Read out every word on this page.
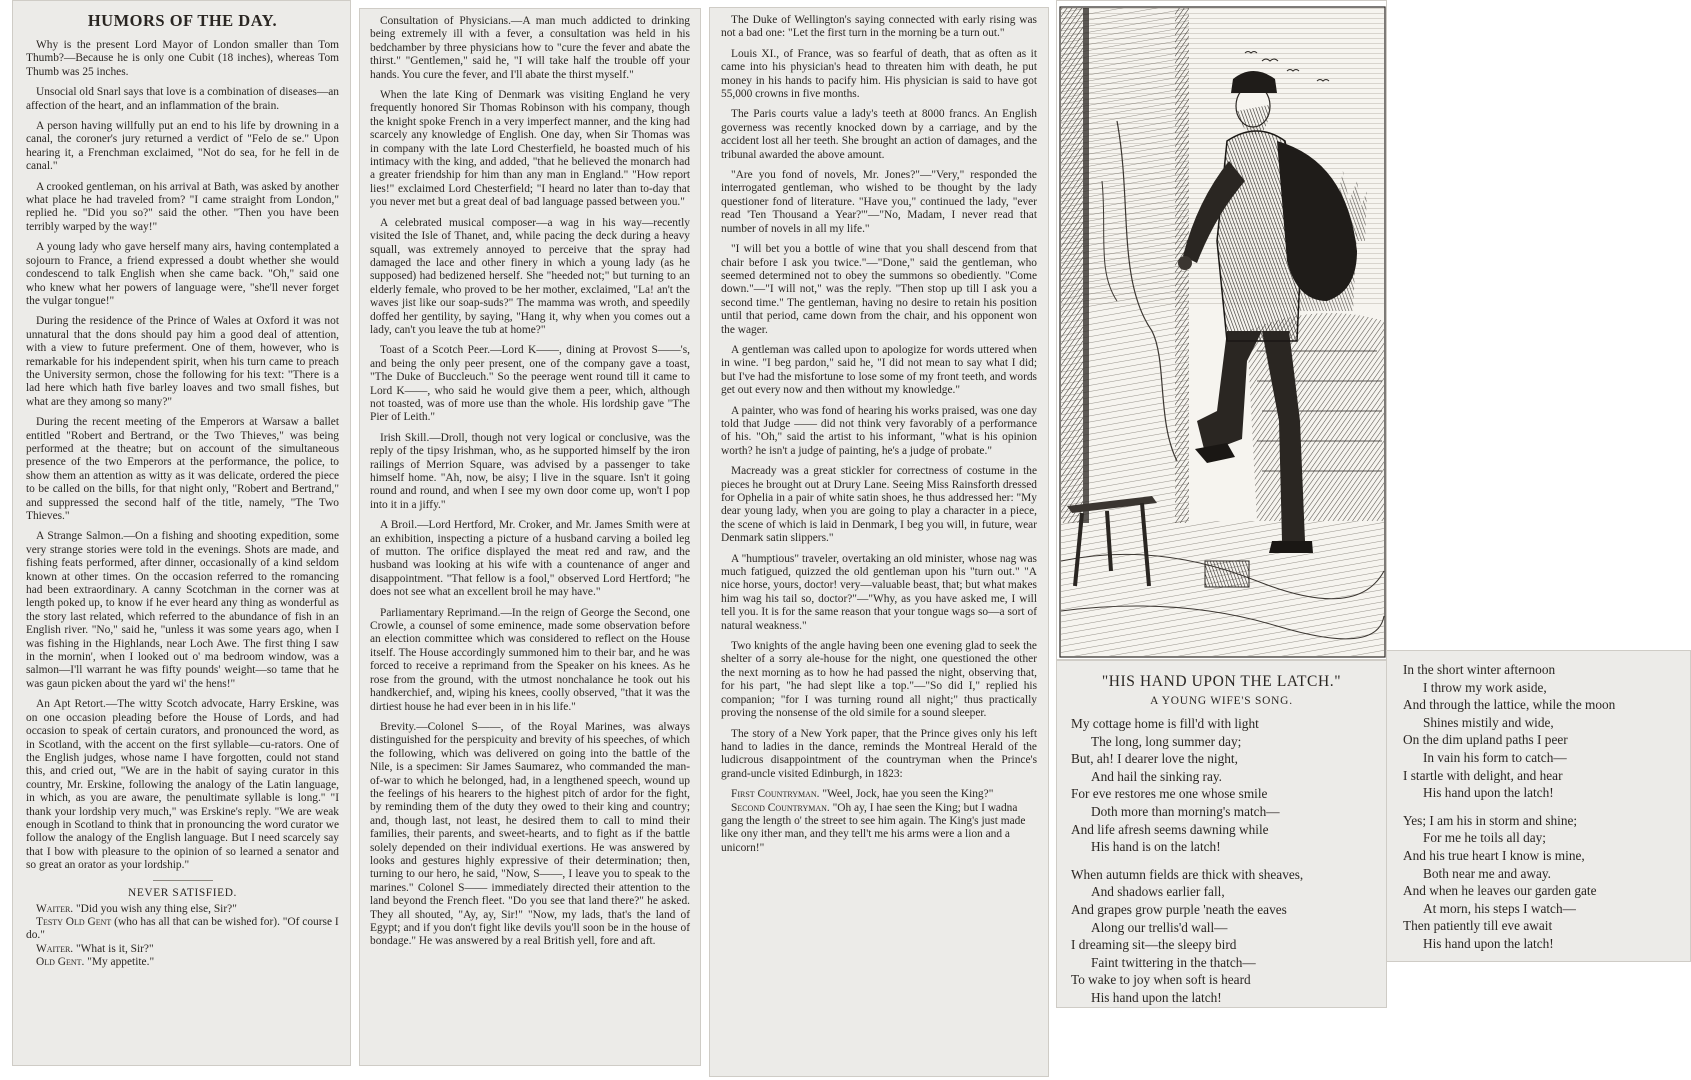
HUMORS OF THE DAY.

Why is the present Lord Mayor of London smaller than Tom Thumb?—Because he is only one Cubit (18 inches), whereas Tom Thumb was 25 inches.

Unsocial old Snarl says that love is a combination of diseases—an affection of the heart, and an inflammation of the brain.

A person having willfully put an end to his life by drowning in a canal, the coroner's jury returned a verdict of "Felo de se." Upon hearing it, a Frenchman exclaimed, "Not do sea, for he fell in de canal."

A crooked gentleman, on his arrival at Bath, was asked by another what place he had traveled from? "I came straight from London," replied he. "Did you so?" said the other. "Then you have been terribly warped by the way!"

A young lady who gave herself many airs, having contemplated a sojourn to France, a friend expressed a doubt whether she would condescend to talk English when she came back. "Oh," said one who knew what her powers of language were, "she'll never forget the vulgar tongue!"

During the residence of the Prince of Wales at Oxford it was not unnatural that the dons should pay him a good deal of attention, with a view to future preferment. One of them, however, who is remarkable for his independent spirit, when his turn came to preach the University sermon, chose the following for his text: "There is a lad here which hath five barley loaves and two small fishes, but what are they among so many?"

During the recent meeting of the Emperors at Warsaw a ballet entitled "Robert and Bertrand, or the Two Thieves," was being performed at the theatre; but on account of the simultaneous presence of the two Emperors at the performance, the police, to show them an attention as witty as it was delicate, ordered the piece to be called on the bills, for that night only, "Robert and Bertrand," and suppressed the second half of the title, namely, "The Two Thieves."

A Strange Salmon.—On a fishing and shooting expedition, some very strange stories were told in the evenings. Shots are made, and fishing feats performed, after dinner, occasionally of a kind seldom known at other times. On the occasion referred to the romancing had been extraordinary. A canny Scotchman in the corner was at length poked up, to know if he ever heard any thing as wonderful as the story last related, which referred to the abundance of fish in an English river. "No," said he, "unless it was some years ago, when I was fishing in the Highlands, near Loch Awe. The first thing I saw in the mornin', when I looked out o' ma bedroom window, was a salmon—I'll warrant he was fifty pounds' weight—so tame that he was gaun picken about the yard wi' the hens!"

An Apt Retort.—The witty Scotch advocate, Harry Erskine, was on one occasion pleading before the House of Lords, and had occasion to speak of certain curators, and pronounced the word, as in Scotland, with the accent on the first syllable—cu-rators. One of the English judges, whose name I have forgotten, could not stand this, and cried out, "We are in the habit of saying curator in this country, Mr. Erskine, following the analogy of the Latin language, in which, as you are aware, the penultimate syllable is long." "I thank your lordship very much," was Erskine's reply. "We are weak enough in Scotland to think that in pronouncing the word curator we follow the analogy of the English language. But I need scarcely say that I bow with pleasure to the opinion of so learned a senator and so great an orator as your lordship."

NEVER SATISFIED.

Waiter. "Did you wish any thing else, Sir?"

Testy Old Gent (who has all that can be wished for). "Of course I do."

Waiter. "What is it, Sir?"

Old Gent. "My appetite."

Consultation of Physicians.—A man much addicted to drinking being extremely ill with a fever, a consultation was held in his bedchamber by three physicians how to "cure the fever and abate the thirst." "Gentlemen," said he, "I will take half the trouble off your hands. You cure the fever, and I'll abate the thirst myself."

When the late King of Denmark was visiting England he very frequently honored Sir Thomas Robinson with his company, though the knight spoke French in a very imperfect manner, and the king had scarcely any knowledge of English. One day, when Sir Thomas was in company with the late Lord Chesterfield, he boasted much of his intimacy with the king, and added, "that he believed the monarch had a greater friendship for him than any man in England." "How report lies!" exclaimed Lord Chesterfield; "I heard no later than to-day that you never met but a great deal of bad language passed between you."

A celebrated musical composer—a wag in his way—recently visited the Isle of Thanet, and, while pacing the deck during a heavy squall, was extremely annoyed to perceive that the spray had damaged the lace and other finery in which a young lady (as he supposed) had bedizened herself. She "heeded not;" but turning to an elderly female, who proved to be her mother, exclaimed, "La! an't the waves jist like our soap-suds?" The mamma was wroth, and speedily doffed her gentility, by saying, "Hang it, why when you comes out a lady, can't you leave the tub at home?"

Toast of a Scotch Peer.—Lord K——, dining at Provost S——'s, and being the only peer present, one of the company gave a toast, "The Duke of Buccleuch." So the peerage went round till it came to Lord K——, who said he would give them a peer, which, although not toasted, was of more use than the whole. His lordship gave "The Pier of Leith."

Irish Skill.—Droll, though not very logical or conclusive, was the reply of the tipsy Irishman, who, as he supported himself by the iron railings of Merrion Square, was advised by a passenger to take himself home. "Ah, now, be aisy; I live in the square. Isn't it going round and round, and when I see my own door come up, won't I pop into it in a jiffy."

A Broil.—Lord Hertford, Mr. Croker, and Mr. James Smith were at an exhibition, inspecting a picture of a husband carving a boiled leg of mutton. The orifice displayed the meat red and raw, and the husband was looking at his wife with a countenance of anger and disappointment. "That fellow is a fool," observed Lord Hertford; "he does not see what an excellent broil he may have."

Parliamentary Reprimand.—In the reign of George the Second, one Crowle, a counsel of some eminence, made some observation before an election committee which was considered to reflect on the House itself. The House accordingly summoned him to their bar, and he was forced to receive a reprimand from the Speaker on his knees. As he rose from the ground, with the utmost nonchalance he took out his handkerchief, and, wiping his knees, coolly observed, "that it was the dirtiest house he had ever been in in his life."

Brevity.—Colonel S——, of the Royal Marines, was always distinguished for the perspicuity and brevity of his speeches, of which the following, which was delivered on going into the battle of the Nile, is a specimen: Sir James Saumarez, who commanded the man-of-war to which he belonged, had, in a lengthened speech, wound up the feelings of his hearers to the highest pitch of ardor for the fight, by reminding them of the duty they owed to their king and country; and, though last, not least, he desired them to call to mind their families, their parents, and sweet-hearts, and to fight as if the battle solely depended on their individual exertions. He was answered by looks and gestures highly expressive of their determination; then, turning to our hero, he said, "Now, S——, I leave you to speak to the marines." Colonel S—— immediately directed their attention to the land beyond the French fleet. "Do you see that land there?" he asked. They all shouted, "Ay, ay, Sir!" "Now, my lads, that's the land of Egypt; and if you don't fight like devils you'll soon be in the house of bondage." He was answered by a real British yell, fore and aft.

The Duke of Wellington's saying connected with early rising was not a bad one: "Let the first turn in the morning be a turn out."

Louis XI., of France, was so fearful of death, that as often as it came into his physician's head to threaten him with death, he put money in his hands to pacify him. His physician is said to have got 55,000 crowns in five months.

The Paris courts value a lady's teeth at 8000 francs. An English governess was recently knocked down by a carriage, and by the accident lost all her teeth. She brought an action of damages, and the tribunal awarded the above amount.

"Are you fond of novels, Mr. Jones?"—"Very," responded the interrogated gentleman, who wished to be thought by the lady questioner fond of literature. "Have you," continued the lady, "ever read 'Ten Thousand a Year?'"—"No, Madam, I never read that number of novels in all my life."

"I will bet you a bottle of wine that you shall descend from that chair before I ask you twice."—"Done," said the gentleman, who seemed determined not to obey the summons so obediently. "Come down."—"I will not," was the reply. "Then stop up till I ask you a second time." The gentleman, having no desire to retain his position until that period, came down from the chair, and his opponent won the wager.

A gentleman was called upon to apologize for words uttered when in wine. "I beg pardon," said he, "I did not mean to say what I did; but I've had the misfortune to lose some of my front teeth, and words get out every now and then without my knowledge."

A painter, who was fond of hearing his works praised, was one day told that Judge —— did not think very favorably of a performance of his. "Oh," said the artist to his informant, "what is his opinion worth? he isn't a judge of painting, he's a judge of probate."

Macready was a great stickler for correctness of costume in the pieces he brought out at Drury Lane. Seeing Miss Rainsforth dressed for Ophelia in a pair of white satin shoes, he thus addressed her: "My dear young lady, when you are going to play a character in a piece, the scene of which is laid in Denmark, I beg you will, in future, wear Denmark satin slippers."

A "humptious" traveler, overtaking an old minister, whose nag was much fatigued, quizzed the old gentleman upon his "turn out." "A nice horse, yours, doctor! very—valuable beast, that; but what makes him wag his tail so, doctor?"—"Why, as you have asked me, I will tell you. It is for the same reason that your tongue wags so—a sort of natural weakness."

Two knights of the angle having been one evening glad to seek the shelter of a sorry ale-house for the night, one questioned the other the next morning as to how he had passed the night, observing that, for his part, "he had slept like a top."—"So did I," replied his companion; "for I was turning round all night;" thus practically proving the nonsense of the old simile for a sound sleeper.

The story of a New York paper, that the Prince gives only his left hand to ladies in the dance, reminds the Montreal Herald of the ludicrous disappointment of the countryman when the Prince's grand-uncle visited Edinburgh, in 1823:

First Countryman. "Weel, Jock, hae you seen the King?"

Second Countryman. "Oh ay, I hae seen the King; but I wadna gang the length o' the street to see him again. The King's just made like ony ither man, and they tell't me his arms were a lion and a unicorn!"

"HIS HAND UPON THE LATCH."
A YOUNG WIFE'S SONG.
My cottage home is fill'd with light
The long, long summer day;
But, ah! I dearer love the night,
And hail the sinking ray.
For eve restores me one whose smile
Doth more than morning's match—
And life afresh seems dawning while
His hand is on the latch!
When autumn fields are thick with sheaves,
And shadows earlier fall,
And grapes grow purple 'neath the eaves
Along our trellis'd wall—
I dreaming sit—the sleepy bird
Faint twittering in the thatch—
To wake to joy when soft is heard
His hand upon the latch!
In the short winter afternoon
I throw my work aside,
And through the lattice, while the moon
Shines mistily and wide,
On the dim upland paths I peer
In vain his form to catch—
I startle with delight, and hear
His hand upon the latch!
Yes; I am his in storm and shine;
For me he toils all day;
And his true heart I know is mine,
Both near me and away.
And when he leaves our garden gate
At morn, his steps I watch—
Then patiently till eve await
His hand upon the latch!
